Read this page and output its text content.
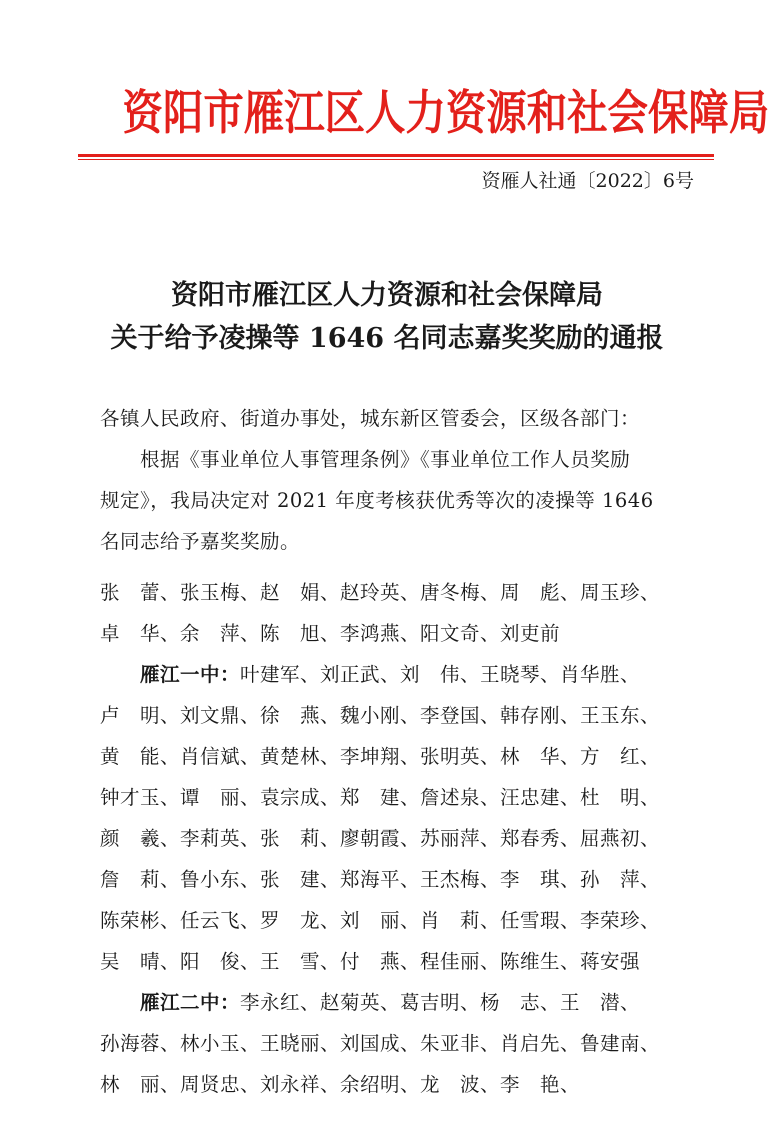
资阳市雁江区人力资源和社会保障局
资雁人社通〔2022〕6号
资阳市雁江区人力资源和社会保障局
关于给予凌操等 1646 名同志嘉奖奖励的通报
各镇人民政府、街道办事处，城东新区管委会，区级各部门：
根据《事业单位人事管理条例》《事业单位工作人员奖励
规定》，我局决定对 2021 年度考核获优秀等次的凌操等 1646
名同志给予嘉奖奖励。
张　蕾、张玉梅、赵　娟、赵玲英、唐冬梅、周　彪、周玉珍、
卓　华、余　萍、陈　旭、李鸿燕、阳文奇、刘吏前
雁江一中：叶建军、刘正武、刘　伟、王晓琴、肖华胜、
卢　明、刘文鼎、徐　燕、魏小刚、李登国、韩存刚、王玉东、
黄　能、肖信斌、黄楚林、李坤翔、张明英、林　华、方　红、
钟才玉、谭　丽、袁宗成、郑　建、詹述泉、汪忠建、杜　明、
颜　羲、李莉英、张　莉、廖朝霞、苏丽萍、郑春秀、屈燕初、
詹　莉、鲁小东、张　建、郑海平、王杰梅、李　琪、孙　萍、
陈荣彬、任云飞、罗　龙、刘　丽、肖　莉、任雪瑕、李荣珍、
吴　晴、阳　俊、王　雪、付　燕、程佳丽、陈维生、蒋安强
雁江二中：李永红、赵菊英、葛吉明、杨　志、王　潜、
孙海蓉、林小玉、王晓丽、刘国成、朱亚非、肖启先、鲁建南、
林　丽、周贤忠、刘永祥、余绍明、龙　波、李　艳、
